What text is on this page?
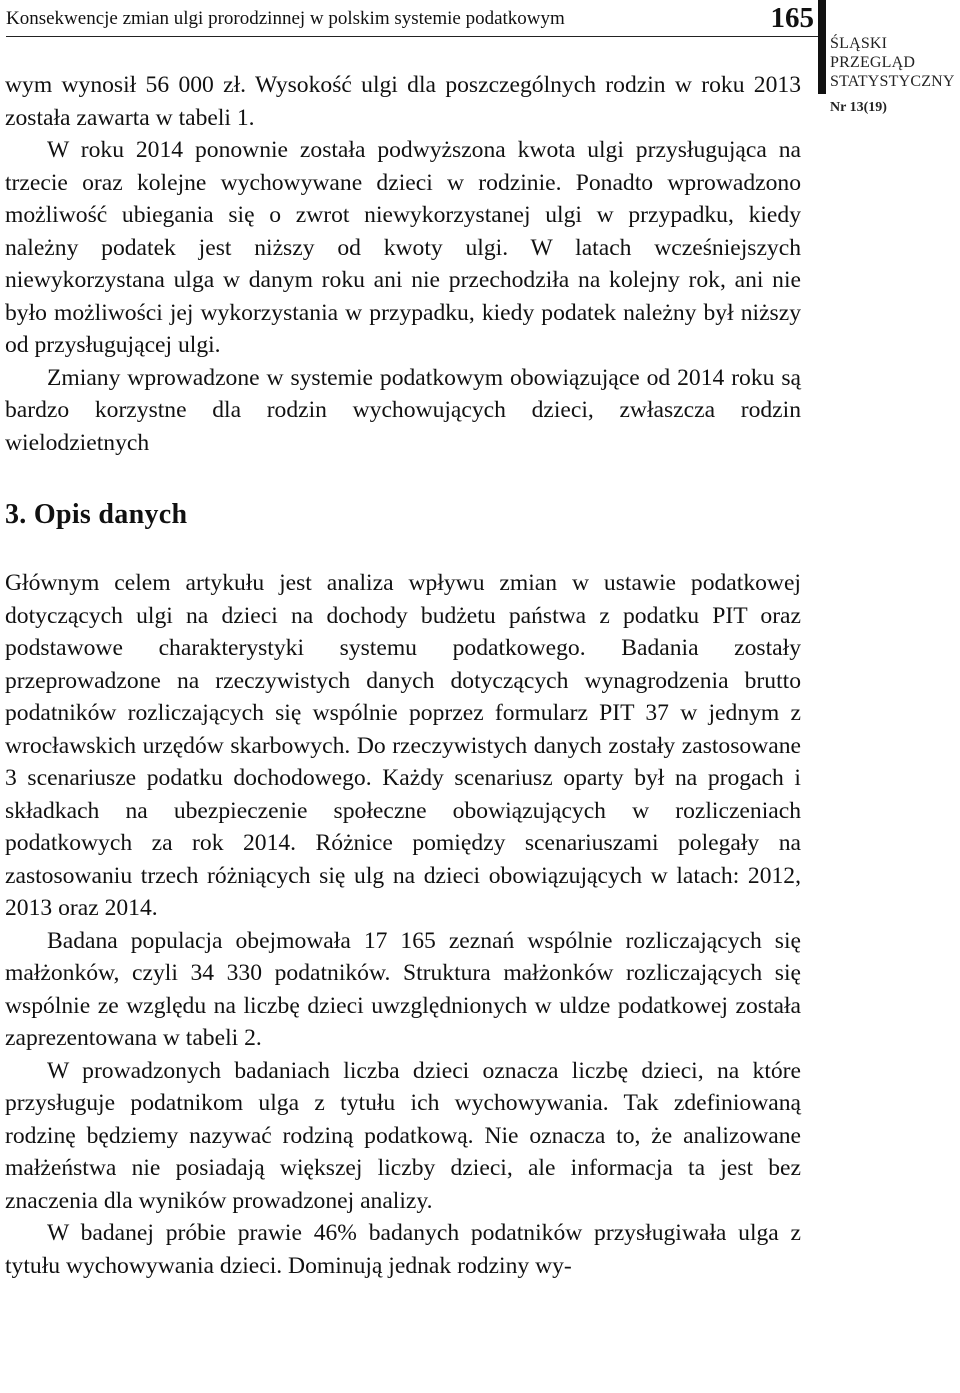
Konsekwencje zmian ulgi prorodzinnej w polskim systemie podatkowym	165
ŚLĄSKI
PRZEGLĄD
STATYSTYCZNY
Nr 13(19)

wym wynosił 56 000 zł. Wysokość ulgi dla poszczególnych rodzin w roku 2013 została zawarta w tabeli 1.

W roku 2014 ponownie została podwyższona kwota ulgi przysługująca na trzecie oraz kolejne wychowywane dzieci w rodzinie. Ponadto wprowadzono możliwość ubiegania się o zwrot niewykorzystanej ulgi w przypadku, kiedy należny podatek jest niższy od kwoty ulgi. W latach wcześniejszych niewykorzystana ulga w danym roku ani nie przechodziła na kolejny rok, ani nie było możliwości jej wykorzystania w przypadku, kiedy podatek należny był niższy od przysługującej ulgi.

Zmiany wprowadzone w systemie podatkowym obowiązujące od 2014 roku są bardzo korzystne dla rodzin wychowujących dzieci, zwłaszcza rodzin wielodzietnych

3. Opis danych

Głównym celem artykułu jest analiza wpływu zmian w ustawie podatkowej dotyczących ulgi na dzieci na dochody budżetu państwa z podatku PIT oraz podstawowe charakterystyki systemu podatkowego. Badania zostały przeprowadzone na rzeczywistych danych dotyczących wynagrodzenia brutto podatników rozliczających się wspólnie poprzez formularz PIT 37 w jednym z wrocławskich urzędów skarbowych. Do rzeczywistych danych zostały zastosowane 3 scenariusze podatku dochodowego. Każdy scenariusz oparty był na progach i składkach na ubezpieczenie społeczne obowiązujących w rozliczeniach podatkowych za rok 2014. Różnice pomiędzy scenariuszami polegały na zastosowaniu trzech różniących się ulg na dzieci obowiązujących w latach: 2012, 2013 oraz 2014.

Badana populacja obejmowała 17 165 zeznań wspólnie rozliczających się małżonków, czyli 34 330 podatników. Struktura małżonków rozliczających się wspólnie ze względu na liczbę dzieci uwzględnionych w uldze podatkowej została zaprezentowana w tabeli 2.

W prowadzonych badaniach liczba dzieci oznacza liczbę dzieci, na które przysługuje podatnikom ulga z tytułu ich wychowywania. Tak zdefiniowaną rodzinę będziemy nazywać rodziną podatkową. Nie oznacza to, że analizowane małżeństwa nie posiadają większej liczby dzieci, ale informacja ta jest bez znaczenia dla wyników prowadzonej analizy.

W badanej próbie prawie 46% badanych podatników przysługiwała ulga z tytułu wychowywania dzieci. Dominują jednak rodziny wy-
